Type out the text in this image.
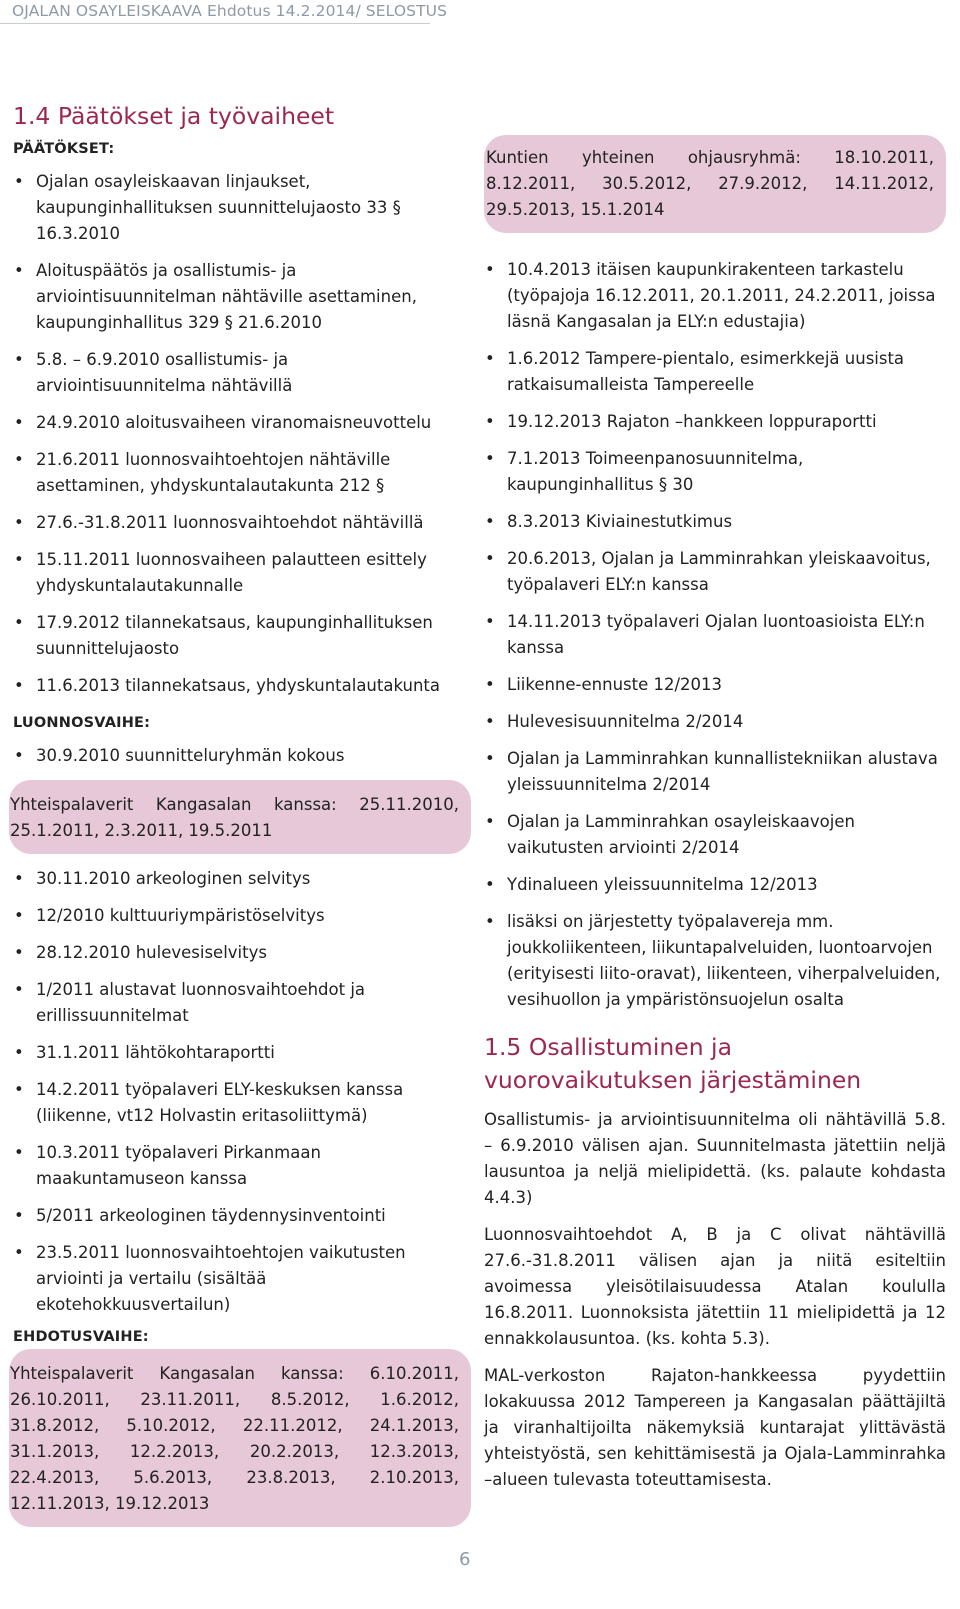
OJALAN OSAYLEISKAAVA Ehdotus 14.2.2014/ SELOSTUS
1.4 Päätökset ja työvaiheet
PÄÄTÖKSET:
• Ojalan osayleiskaavan linjaukset, kaupunginhallituksen suunnittelujaosto 33 § 16.3.2010
• Aloituspäätös ja osallistumis- ja arviointisuunnitelman nähtäville asettaminen, kaupunginhallitus 329 § 21.6.2010
• 5.8. – 6.9.2010 osallistumis- ja arviointisuunnitelma nähtävillä
• 24.9.2010 aloitusvaiheen viranomaisneuvottelu
• 21.6.2011 luonnosvaihtoehtojen nähtäville asettaminen, yhdyskuntalautakunta 212 §
• 27.6.-31.8.2011 luonnosvaihtoehdot nähtävillä
• 15.11.2011 luonnosvaiheen palautteen esittely yhdyskuntalautakunnalle
• 17.9.2012 tilannekatsaus, kaupunginhallituksen suunnittelujaosto
• 11.6.2013 tilannekatsaus, yhdyskuntalautakunta
LUONNOSVAIHE:
• 30.9.2010 suunnitteluryhmän kokous
Yhteispalaverit Kangasalan kanssa: 25.11.2010, 25.1.2011, 2.3.2011, 19.5.2011
• 30.11.2010 arkeologinen selvitys
• 12/2010 kulttuuriympäristöselvitys
• 28.12.2010 hulevesiselvitys
• 1/2011 alustavat luonnosvaihtoehdot ja erillissuunnitelmat
• 31.1.2011 lähtökohtaraportti
• 14.2.2011 työpalaveri ELY-keskuksen kanssa (liikenne, vt12 Holvastin eritasoliittymä)
• 10.3.2011 työpalaveri Pirkanmaan maakuntamuseon kanssa
• 5/2011 arkeologinen täydennysinventointi
• 23.5.2011 luonnosvaihtoehtojen vaikutusten arviointi ja vertailu (sisältää ekotehokkuusvertailun)
EHDOTUSVAIHE:
Yhteispalaverit Kangasalan kanssa: 6.10.2011, 26.10.2011, 23.11.2011, 8.5.2012, 1.6.2012, 31.8.2012, 5.10.2012, 22.11.2012, 24.1.2013, 31.1.2013, 12.2.2013, 20.2.2013, 12.3.2013, 22.4.2013, 5.6.2013, 23.8.2013, 2.10.2013, 12.11.2013, 19.12.2013
Kuntien yhteinen ohjausryhmä: 18.10.2011, 8.12.2011, 30.5.2012, 27.9.2012, 14.11.2012, 29.5.2013, 15.1.2014
• 10.4.2013 itäisen kaupunkirakenteen tarkastelu (työpajoja 16.12.2011, 20.1.2011, 24.2.2011, joissa läsnä Kangasalan ja ELY:n edustajia)
• 1.6.2012 Tampere-pientalo, esimerkkejä uusista ratkaisumalleista Tampereelle
• 19.12.2013 Rajaton –hankkeen loppuraportti
• 7.1.2013 Toimeenpanosuunnitelma, kaupunginhallitus § 30
• 8.3.2013 Kiviainestutkimus
• 20.6.2013, Ojalan ja Lamminrahkan yleiskaavoitus, työpalaveri ELY:n kanssa
• 14.11.2013 työpalaveri Ojalan luontoasioista ELY:n kanssa
• Liikenne-ennuste 12/2013
• Hulevesisuunnitelma 2/2014
• Ojalan ja Lamminrahkan kunnallistekniikan alustava yleissuunnitelma 2/2014
• Ojalan ja Lamminrahkan osayleiskaavojen vaikutusten arviointi 2/2014
• Ydinalueen yleissuunnitelma 12/2013
• lisäksi on järjestetty työpalavereja mm. joukkoliikenteen, liikuntapalveluiden, luontoarvojen (erityisesti liito-oravat), liikenteen, viherpalveluiden, vesihuollon ja ympäristönsuojelun osalta
1.5 Osallistuminen ja vuorovaikutuksen järjestäminen

Osallistumis- ja arviointisuunnitelma oli nähtävillä 5.8. – 6.9.2010 välisen ajan. Suunnitelmasta jätettiin neljä lausuntoa ja neljä mielipidettä. (ks. palaute kohdasta 4.4.3)

Luonnosvaihtoehdot A, B ja C olivat nähtävillä 27.6.-31.8.2011 välisen ajan ja niitä esiteltiin avoimessa yleisötilaisuudessa Atalan koululla 16.8.2011. Luonnoksista jätettiin 11 mielipidettä ja 12 ennakkolausuntoa. (ks. kohta 5.3).

MAL-verkoston Rajaton-hankkeessa pyydettiin lokakuussa 2012 Tampereen ja Kangasalan päättäjiltä ja viranhaltijoilta näkemyksiä kuntarajat ylittävästä yhteistyöstä, sen kehittämisestä ja Ojala-Lamminrahka –alueen tulevasta toteuttamisesta.

6
